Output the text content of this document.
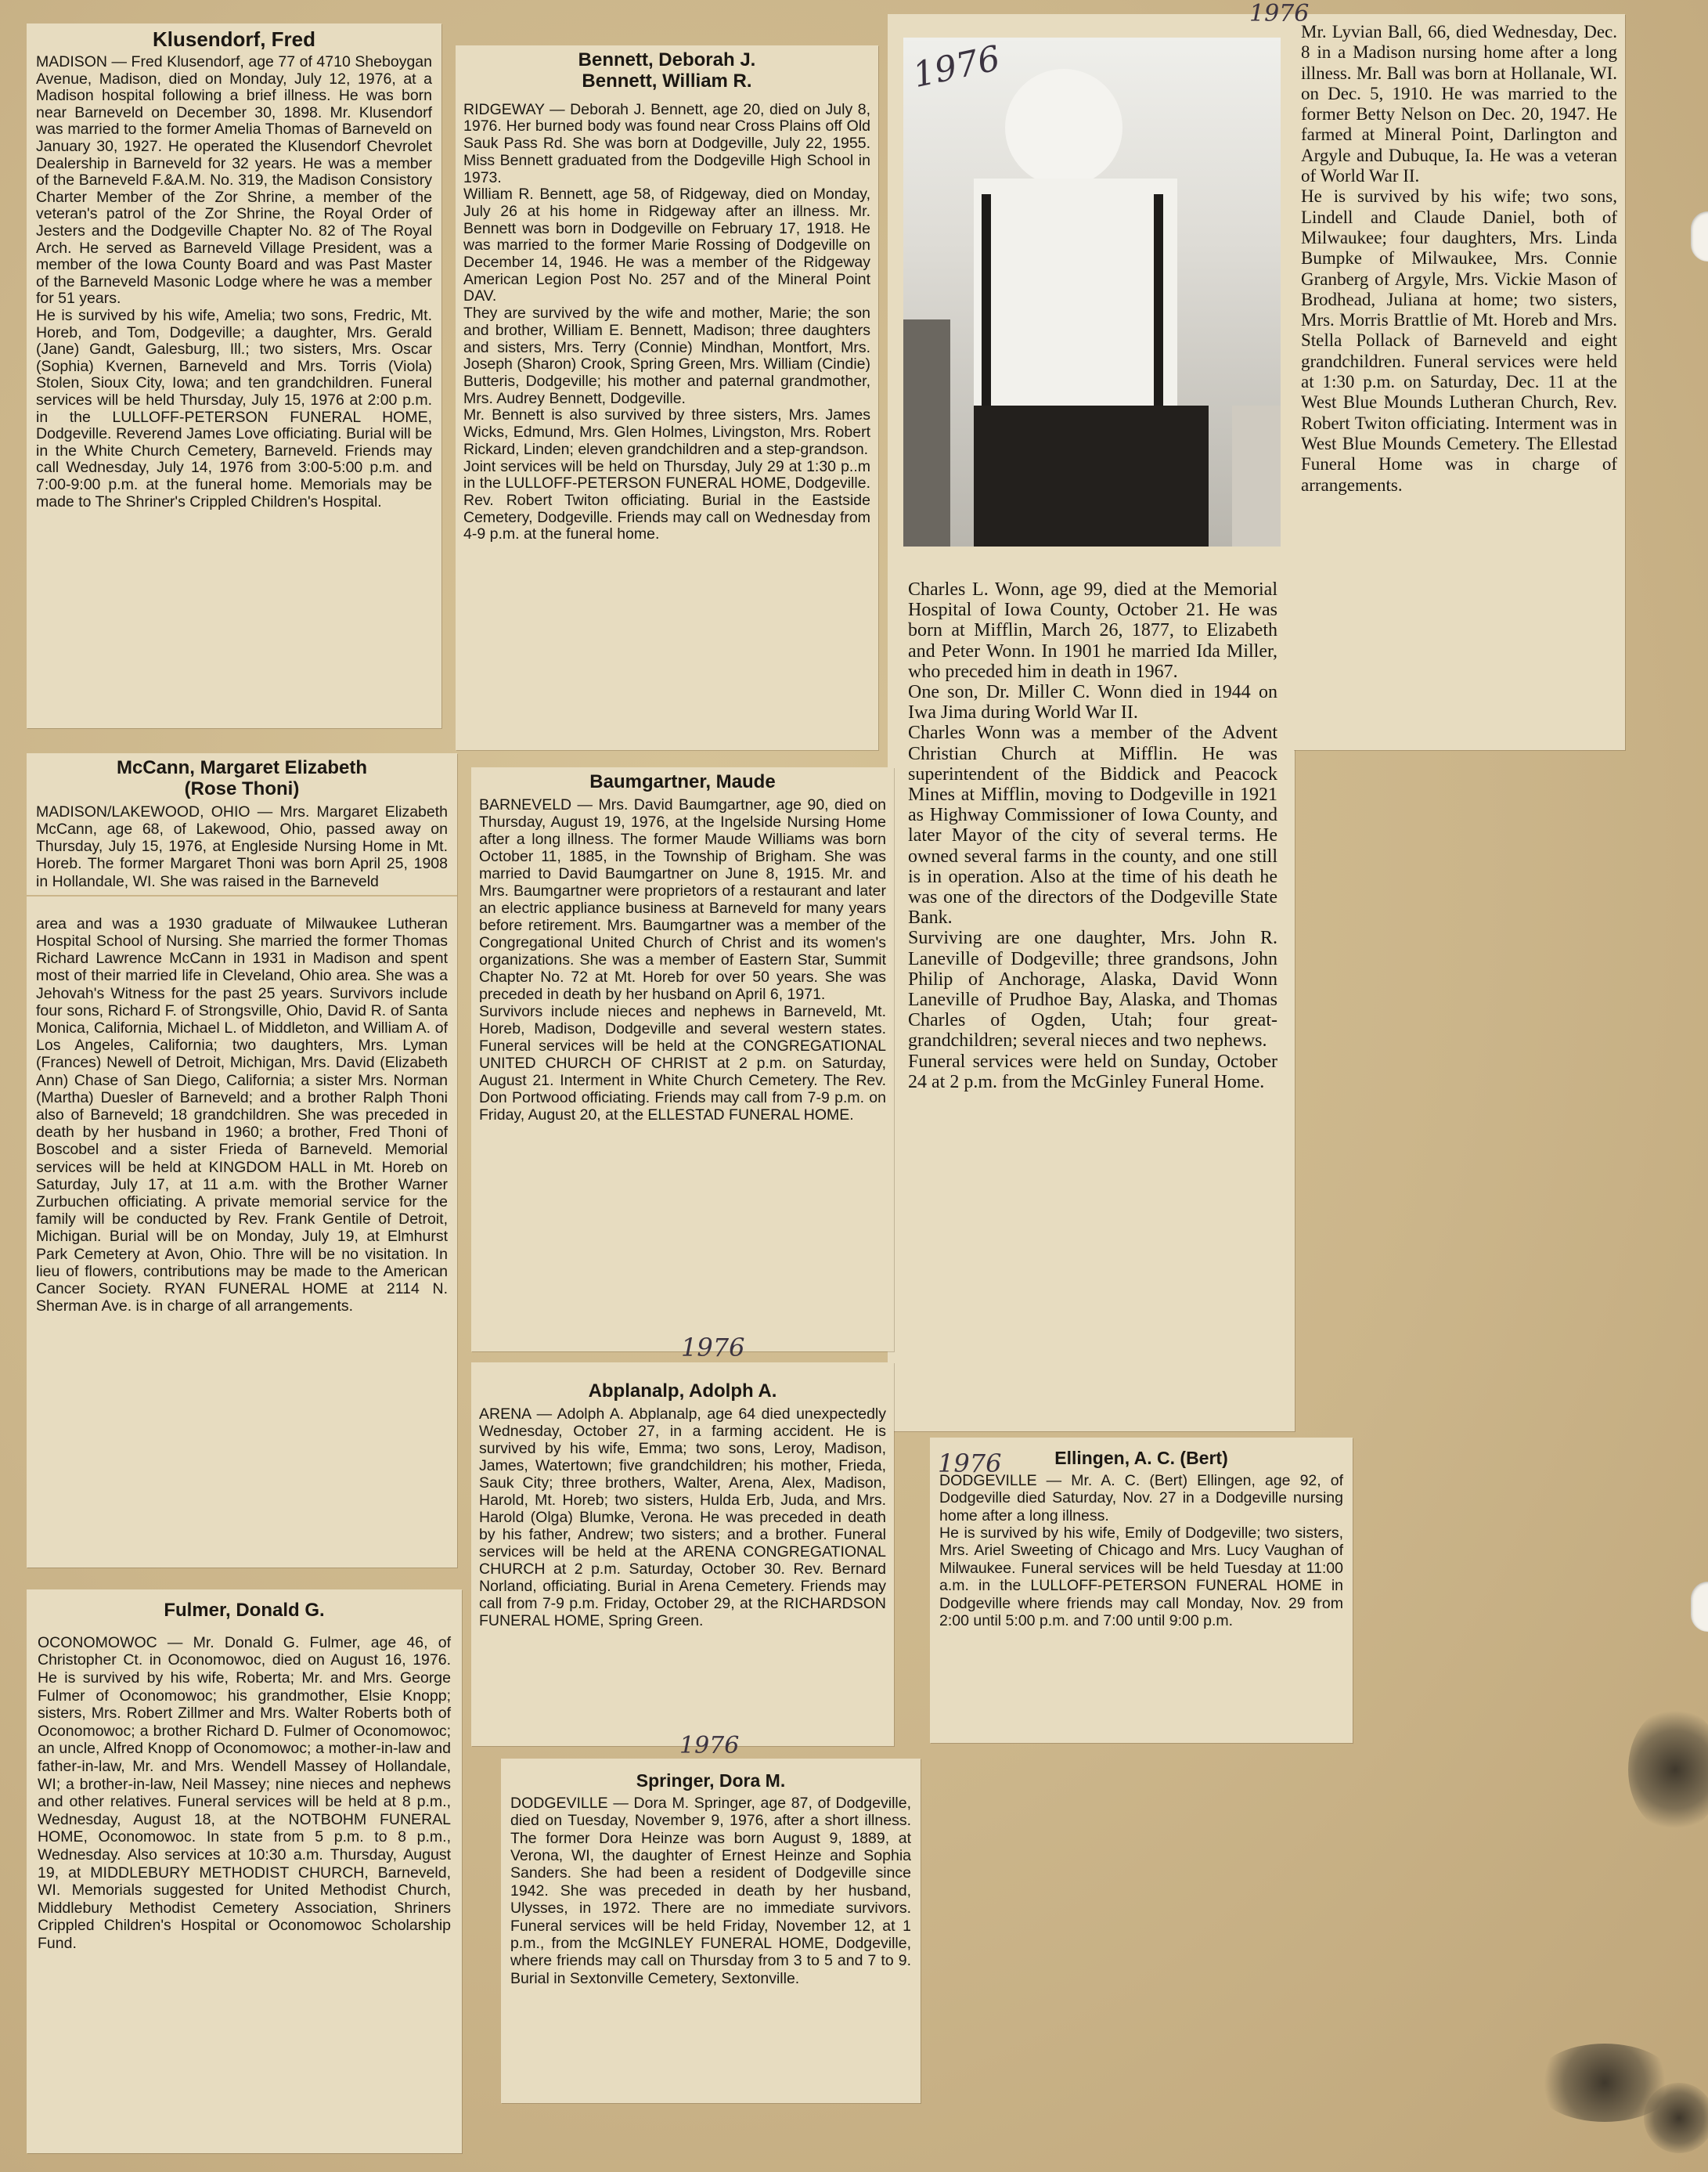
Klusendorf, Fred
MADISON — Fred Klusendorf, age 77 of 4710 Sheboygan Avenue, Madison, died on Monday, July 12, 1976, at a Madison hospital following a brief illness. He was born near Barneveld on December 30, 1898. Mr. Klusendorf was married to the former Amelia Thomas of Barneveld on January 30, 1927. He operated the Klusendorf Chevrolet Dealership in Barneveld for 32 years. He was a member of the Barneveld F.&A.M. No. 319, the Madison Consistory Charter Member of the Zor Shrine, a member of the veteran's patrol of the Zor Shrine, the Royal Order of Jesters and the Dodgeville Chapter No. 82 of The Royal Arch. He served as Barneveld Village President, was a member of the Iowa County Board and was Past Master of the Barneveld Masonic Lodge where he was a member for 51 years.
He is survived by his wife, Amelia; two sons, Fredric, Mt. Horeb, and Tom, Dodgeville; a daughter, Mrs. Gerald (Jane) Gandt, Galesburg, Ill.; two sisters, Mrs. Oscar (Sophia) Kvernen, Barneveld and Mrs. Torris (Viola) Stolen, Sioux City, Iowa; and ten grandchildren. Funeral services will be held Thursday, July 15, 1976 at 2:00 p.m. in the LULLOFF-PETERSON FUNERAL HOME, Dodgeville. Reverend James Love officiating. Burial will be in the White Church Cemetery, Barneveld. Friends may call Wednesday, July 14, 1976 from 3:00-5:00 p.m. and 7:00-9:00 p.m. at the funeral home. Memorials may be made to The Shriner's Crippled Children's Hospital.
Bennett, Deborah J.
Bennett, William R.
RIDGEWAY — Deborah J. Bennett, age 20, died on July 8, 1976. Her burned body was found near Cross Plains off Old Sauk Pass Rd. She was born at Dodgeville, July 22, 1955. Miss Bennett graduated from the Dodgeville High School in 1973.
William R. Bennett, age 58, of Ridgeway, died on Monday, July 26 at his home in Ridgeway after an illness. Mr. Bennett was born in Dodgeville on February 17, 1918. He was married to the former Marie Rossing of Dodgeville on December 14, 1946. He was a member of the Ridgeway American Legion Post No. 257 and of the Mineral Point DAV.
They are survived by the wife and mother, Marie; the son and brother, William E. Bennett, Madison; three daughters and sisters, Mrs. Terry (Connie) Mindhan, Montfort, Mrs. Joseph (Sharon) Crook, Spring Green, Mrs. William (Cindie) Butteris, Dodgeville; his mother and paternal grandmother, Mrs. Audrey Bennett, Dodgeville.
Mr. Bennett is also survived by three sisters, Mrs. James Wicks, Edmund, Mrs. Glen Holmes, Livingston, Mrs. Robert Rickard, Linden; eleven grandchildren and a step-grandson.
Joint services will be held on Thursday, July 29 at 1:30 p..m in the LULLOFF-PETERSON FUNERAL HOME, Dodgeville. Rev. Robert Twiton officiating. Burial in the Eastside Cemetery, Dodgeville. Friends may call on Wednesday from 4-9 p.m. at the funeral home.
Charles L. Wonn, age 99, died at the Memorial Hospital of Iowa County, October 21. He was born at Mifflin, March 26, 1877, to Elizabeth and Peter Wonn. In 1901 he married Ida Miller, who preceded him in death in 1967.
One son, Dr. Miller C. Wonn died in 1944 on Iwa Jima during World War II.
Charles Wonn was a member of the Advent Christian Church at Mifflin. He was superintendent of the Biddick and Peacock Mines at Mifflin, moving to Dodgeville in 1921 as Highway Commissioner of Iowa County, and later Mayor of the city of several terms. He owned several farms in the county, and one still is in operation. Also at the time of his death he was one of the directors of the Dodgeville State Bank.
Surviving are one daughter, Mrs. John R. Laneville of Dodgeville; three grandsons, John Philip of Anchorage, Alaska, David Wonn Laneville of Prudhoe Bay, Alaska, and Thomas Charles of Ogden, Utah; four great-grandchildren; several nieces and two nephews.
Funeral services were held on Sunday, October 24 at 2 p.m. from the McGinley Funeral Home.
Mr. Lyvian Ball, 66, died Wednesday, Dec. 8 in a Madison nursing home after a long illness. Mr. Ball was born at Hollanale, WI. on Dec. 5, 1910. He was married to the former Betty Nelson on Dec. 20, 1947. He farmed at Mineral Point, Darlington and Argyle and Dubuque, Ia. He was a veteran of World War II.
He is survived by his wife; two sons, Lindell and Claude Daniel, both of Milwaukee; four daughters, Mrs. Linda Bumpke of Milwaukee, Mrs. Connie Granberg of Argyle, Mrs. Vickie Mason of Brodhead, Juliana at home; two sisters, Mrs. Morris Brattlie of Mt. Horeb and Mrs. Stella Pollack of Barneveld and eight grandchildren. Funeral services were held at 1:30 p.m. on Saturday, Dec. 11 at the West Blue Mounds Lutheran Church, Rev. Robert Twiton officiating. Interment was in West Blue Mounds Cemetery. The Ellestad Funeral Home was in charge of arrangements.
McCann, Margaret Elizabeth
(Rose Thoni)
MADISON/LAKEWOOD, OHIO — Mrs. Margaret Elizabeth McCann, age 68, of Lakewood, Ohio, passed away on Thursday, July 15, 1976, at Engleside Nursing Home in Mt. Horeb. The former Margaret Thoni was born April 25, 1908 in Hollandale, WI. She was raised in the Barneveld
area and was a 1930 graduate of Milwaukee Lutheran Hospital School of Nursing. She married the former Thomas Richard Lawrence McCann in 1931 in Madison and spent most of their married life in Cleveland, Ohio area. She was a Jehovah's Witness for the past 25 years. Survivors include four sons, Richard F. of Strongsville, Ohio, David R. of Santa Monica, California, Michael L. of Middleton, and William A. of Los Angeles, California; two daughters, Mrs. Lyman (Frances) Newell of Detroit, Michigan, Mrs. David (Elizabeth Ann) Chase of San Diego, California; a sister Mrs. Norman (Martha) Duesler of Barneveld; and a brother Ralph Thoni also of Barneveld; 18 grandchildren. She was preceded in death by her husband in 1960; a brother, Fred Thoni of Boscobel and a sister Frieda of Barneveld. Memorial services will be held at KINGDOM HALL in Mt. Horeb on Saturday, July 17, at 11 a.m. with the Brother Warner Zurbuchen officiating. A private memorial service for the family will be conducted by Rev. Frank Gentile of Detroit, Michigan. Burial will be on Monday, July 19, at Elmhurst Park Cemetery at Avon, Ohio. Thre will be no visitation. In lieu of flowers, contributions may be made to the American Cancer Society. RYAN FUNERAL HOME at 2114 N. Sherman Ave. is in charge of all arrangements.
Baumgartner, Maude
BARNEVELD — Mrs. David Baumgartner, age 90, died on Thursday, August 19, 1976, at the Ingelside Nursing Home after a long illness. The former Maude Williams was born October 11, 1885, in the Township of Brigham. She was married to David Baumgartner on June 8, 1915. Mr. and Mrs. Baumgartner were proprietors of a restaurant and later an electric appliance business at Barneveld for many years before retirement. Mrs. Baumgartner was a member of the Congregational United Church of Christ and its women's organizations. She was a member of Eastern Star, Summit Chapter No. 72 at Mt. Horeb for over 50 years. She was preceded in death by her husband on April 6, 1971.
Survivors include nieces and nephews in Barneveld, Mt. Horeb, Madison, Dodgeville and several western states. Funeral services will be held at the CONGREGATIONAL UNITED CHURCH OF CHRIST at 2 p.m. on Saturday, August 21. Interment in White Church Cemetery. The Rev. Don Portwood officiating. Friends may call from 7-9 p.m. on Friday, August 20, at the ELLESTAD FUNERAL HOME.
Abplanalp, Adolph A.
ARENA — Adolph A. Abplanalp, age 64 died unexpectedly Wednesday, October 27, in a farming accident. He is survived by his wife, Emma; two sons, Leroy, Madison, James, Watertown; five grandchildren; his mother, Frieda, Sauk City; three brothers, Walter, Arena, Alex, Madison, Harold, Mt. Horeb; two sisters, Hulda Erb, Juda, and Mrs. Harold (Olga) Blumke, Verona. He was preceded in death by his father, Andrew; two sisters; and a brother. Funeral services will be held at the ARENA CONGREGATIONAL CHURCH at 2 p.m. Saturday, October 30. Rev. Bernard Norland, officiating. Burial in Arena Cemetery. Friends may call from 7-9 p.m. Friday, October 29, at the RICHARDSON FUNERAL HOME, Spring Green.
Ellingen, A. C. (Bert)
DODGEVILLE — Mr. A. C. (Bert) Ellingen, age 92, of Dodgeville died Saturday, Nov. 27 in a Dodgeville nursing home after a long illness.
He is survived by his wife, Emily of Dodgeville; two sisters, Mrs. Ariel Sweeting of Chicago and Mrs. Lucy Vaughan of Milwaukee. Funeral services will be held Tuesday at 11:00 a.m. in the LULLOFF-PETERSON FUNERAL HOME in Dodgeville where friends may call Monday, Nov. 29 from 2:00 until 5:00 p.m. and 7:00 until 9:00 p.m.
Fulmer, Donald G.
OCONOMOWOC — Mr. Donald G. Fulmer, age 46, of Christopher Ct. in Oconomowoc, died on August 16, 1976. He is survived by his wife, Roberta; Mr. and Mrs. George Fulmer of Oconomowoc; his grandmother, Elsie Knopp; sisters, Mrs. Robert Zillmer and Mrs. Walter Roberts both of Oconomowoc; a brother Richard D. Fulmer of Oconomowoc; an uncle, Alfred Knopp of Oconomowoc; a mother-in-law and father-in-law, Mr. and Mrs. Wendell Massey of Hollandale, WI; a brother-in-law, Neil Massey; nine nieces and nephews and other relatives. Funeral services will be held at 8 p.m., Wednesday, August 18, at the NOTBOHM FUNERAL HOME, Oconomowoc. In state from 5 p.m. to 8 p.m., Wednesday. Also services at 10:30 a.m. Thursday, August 19, at MIDDLEBURY METHODIST CHURCH, Barneveld, WI. Memorials suggested for United Methodist Church, Middlebury Methodist Cemetery Association, Shriners Crippled Children's Hospital or Oconomowoc Scholarship Fund.
Springer, Dora M.
DODGEVILLE — Dora M. Springer, age 87, of Dodgeville, died on Tuesday, November 9, 1976, after a short illness. The former Dora Heinze was born August 9, 1889, at Verona, WI, the daughter of Ernest Heinze and Sophia Sanders. She had been a resident of Dodgeville since 1942. She was preceded in death by her husband, Ulysses, in 1972. There are no immediate survivors. Funeral services will be held Friday, November 12, at 1 p.m., from the McGINLEY FUNERAL HOME, Dodgeville, where friends may call on Thursday from 3 to 5 and 7 to 9. Burial in Sextonville Cemetery, Sextonville.
1976
1976
1976
1976
1976
